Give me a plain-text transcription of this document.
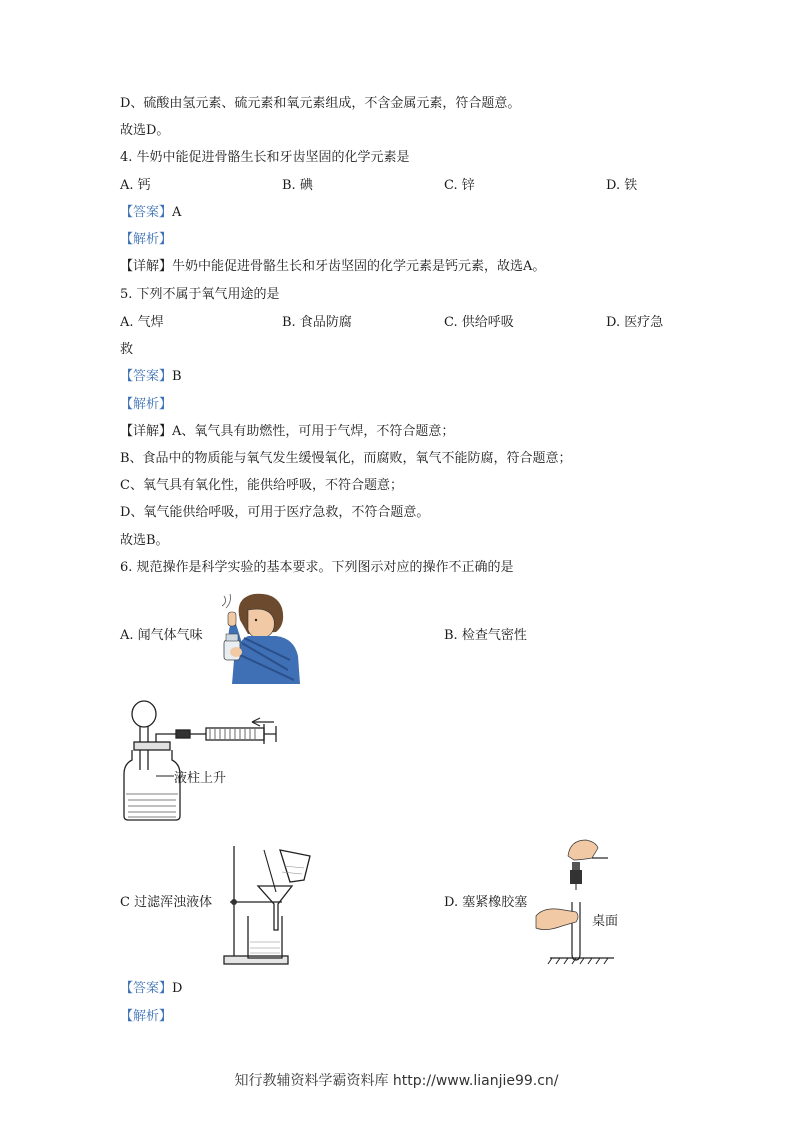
D、硫酸由氢元素、硫元素和氧元素组成，不含金属元素，符合题意。
故选D。
4. 牛奶中能促进骨骼生长和牙齿坚固的化学元素是
A. 钙	B. 碘	C. 锌	D. 铁
【答案】A
【解析】
【详解】牛奶中能促进骨骼生长和牙齿坚固的化学元素是钙元素，故选A。
5. 下列不属于氧气用途的是
A. 气焊	B. 食品防腐	C. 供给呼吸	D. 医疗急
救
【答案】B
【解析】
【详解】A、氧气具有助燃性，可用于气焊，不符合题意；
B、食品中的物质能与氧气发生缓慢氧化，而腐败，氧气不能防腐，符合题意；
C、氧气具有氧化性，能供给呼吸，不符合题意；
D、氧气能供给呼吸，可用于医疗急救，不符合题意。
故选B。
6. 规范操作是科学实验的基本要求。下列图示对应的操作不正确的是
A. 闻气体气味	B. 检查气密性
液柱上升
C 过滤浑浊液体	D. 塞紧橡胶塞
桌面
【答案】D
【解析】
知行教辅资料学霸资料库 http://www.lianjie99.cn/
